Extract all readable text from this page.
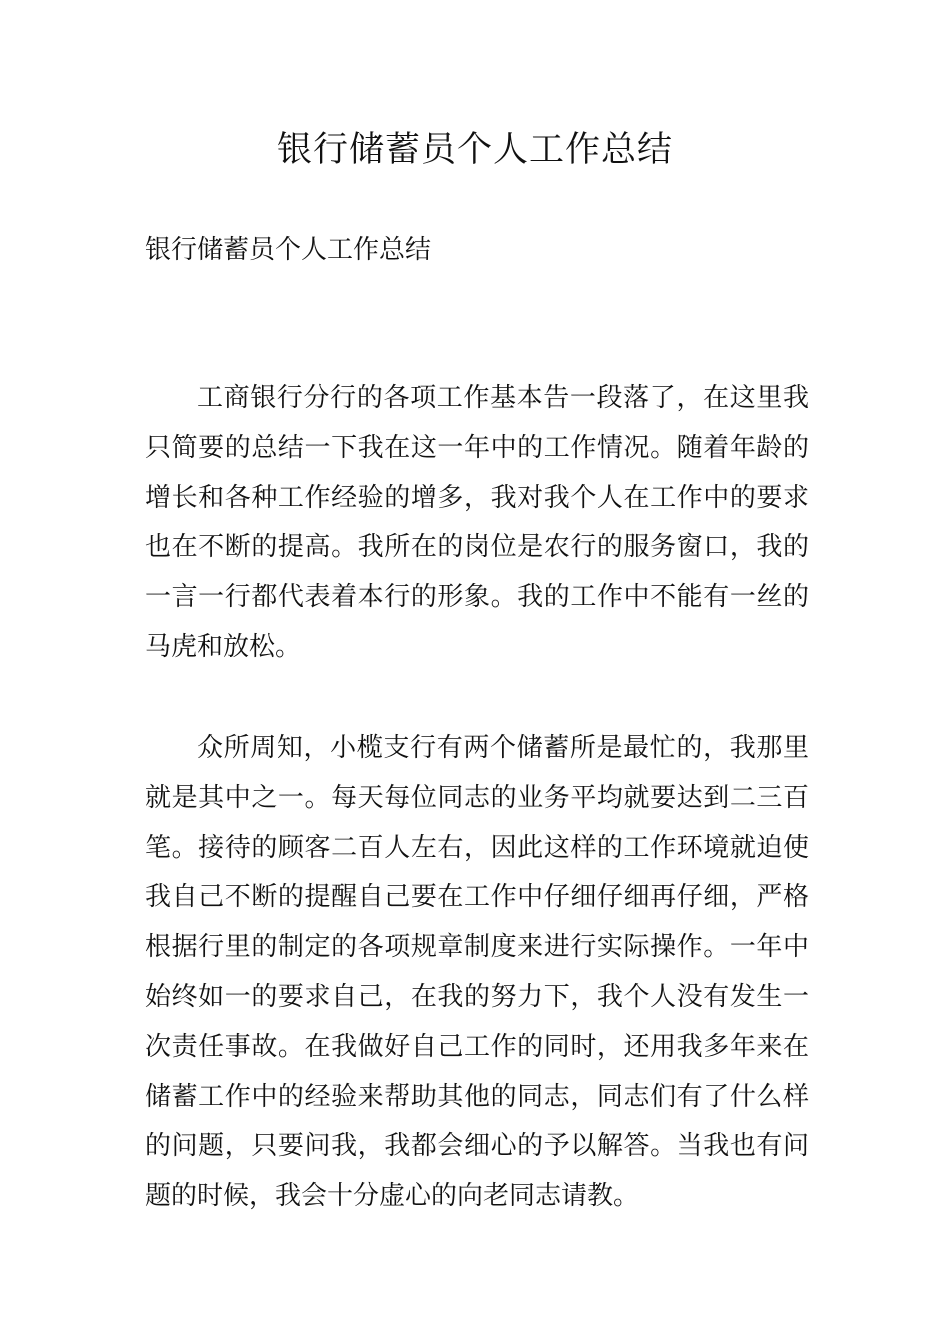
银行储蓄员个人工作总结

银行储蓄员个人工作总结

工商银行分行的各项工作基本告一段落了，在这里我只简要的总结一下我在这一年中的工作情况。随着年龄的增长和各种工作经验的增多，我对我个人在工作中的要求也在不断的提高。我所在的岗位是农行的服务窗口，我的一言一行都代表着本行的形象。我的工作中不能有一丝的马虎和放松。

众所周知，小榄支行有两个储蓄所是最忙的，我那里就是其中之一。每天每位同志的业务平均就要达到二三百笔。接待的顾客二百人左右，因此这样的工作环境就迫使我自己不断的提醒自己要在工作中仔细仔细再仔细，严格根据行里的制定的各项规章制度来进行实际操作。一年中始终如一的要求自己，在我的努力下，我个人没有发生一次责任事故。在我做好自己工作的同时，还用我多年来在储蓄工作中的经验来帮助其他的同志，同志们有了什么样的问题，只要问我，我都会细心的予以解答。当我也有问题的时候，我会十分虚心的向老同志请教。
